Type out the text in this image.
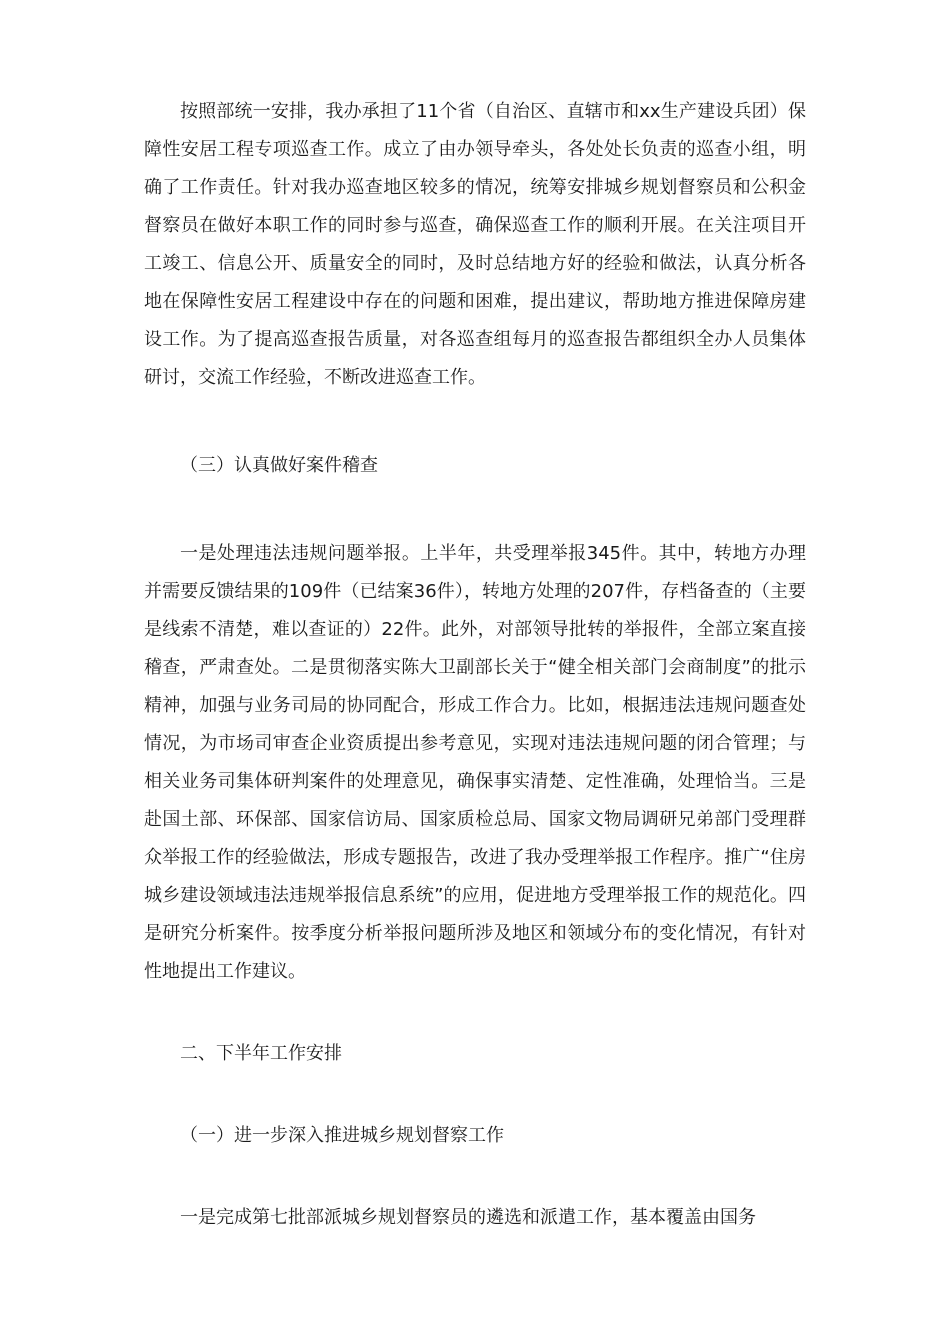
按照部统一安排，我办承担了11个省（自治区、直辖市和xx生产建设兵团）保障性安居工程专项巡查工作。成立了由办领导牵头，各处处长负责的巡查小组，明确了工作责任。针对我办巡查地区较多的情况，统筹安排城乡规划督察员和公积金督察员在做好本职工作的同时参与巡查，确保巡查工作的顺利开展。在关注项目开工竣工、信息公开、质量安全的同时，及时总结地方好的经验和做法，认真分析各地在保障性安居工程建设中存在的问题和困难，提出建议，帮助地方推进保障房建设工作。为了提高巡查报告质量，对各巡查组每月的巡查报告都组织全办人员集体研讨，交流工作经验，不断改进巡查工作。

（三）认真做好案件稽查

一是处理违法违规问题举报。上半年，共受理举报345件。其中，转地方办理并需要反馈结果的109件（已结案36件），转地方处理的207件，存档备查的（主要是线索不清楚，难以查证的）22件。此外，对部领导批转的举报件，全部立案直接稽查，严肃查处。二是贯彻落实陈大卫副部长关于“健全相关部门会商制度”的批示精神，加强与业务司局的协同配合，形成工作合力。比如，根据违法违规问题查处情况，为市场司审查企业资质提出参考意见，实现对违法违规问题的闭合管理；与相关业务司集体研判案件的处理意见，确保事实清楚、定性准确，处理恰当。三是赴国土部、环保部、国家信访局、国家质检总局、国家文物局调研兄弟部门受理群众举报工作的经验做法，形成专题报告，改进了我办受理举报工作程序。推广“住房城乡建设领域违法违规举报信息系统”的应用，促进地方受理举报工作的规范化。四是研究分析案件。按季度分析举报问题所涉及地区和领域分布的变化情况，有针对性地提出工作建议。

二、下半年工作安排

（一）进一步深入推进城乡规划督察工作

一是完成第七批部派城乡规划督察员的遴选和派遣工作，基本覆盖由国务
